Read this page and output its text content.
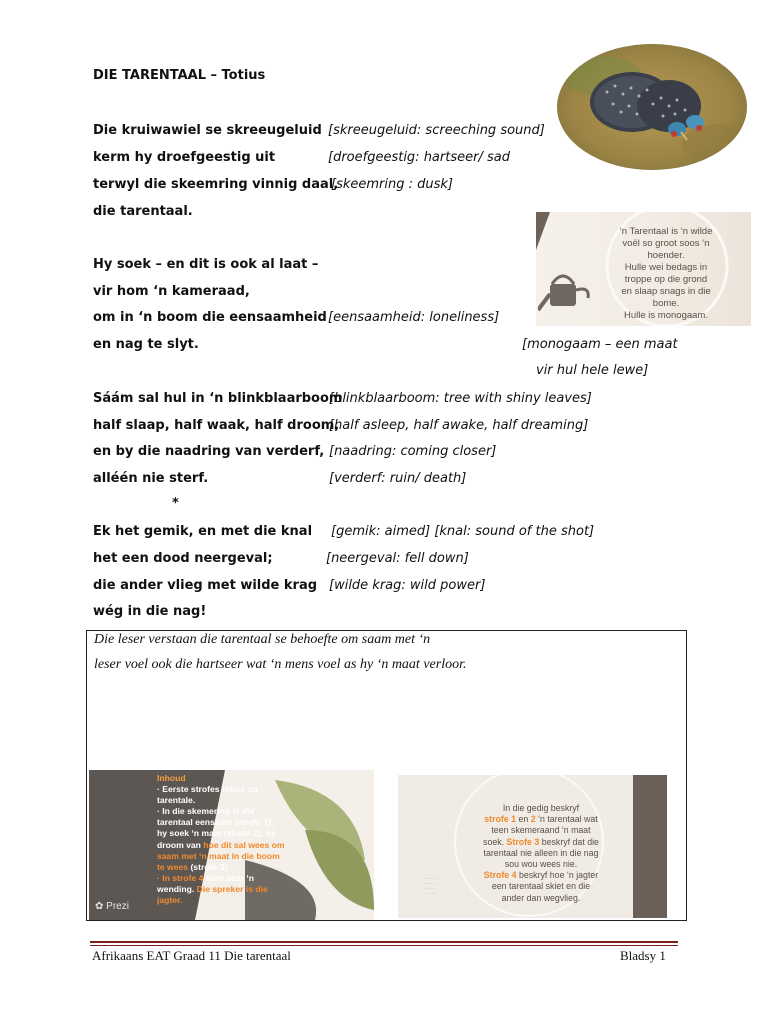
DIE TARENTAAL – Totius
Die kruiwawiel se skreeugeluid
kerm hy droefgeestig uit
terwyl die skeemring vinnig daal,
die tarentaal.
[skreeugeluid: screeching sound]
[droefgeestig: hartseer/ sad
[skeemring : dusk]
‘n Tarentaal is ‘n wilde
voël so groot soos ‘n
hoender.
Hulle wei bedags in
troppe op die grond
en slaap snags in die
bome.
Hulle is monogaam.
Hy soek – en dit is ook al laat –
vir hom ‘n kameraad,
om in ‘n boom die eensaamheid
en nag te slyt.
[eensaamheid: loneliness]
[monogaam – een maat
vir hul hele lewe]
Sáám sal hul in ‘n blinkblaarboom
half slaap, half waak, half droom,
en by die naadring van verderf,
alléén nie sterf.
[blinkblaarboom: tree with shiny leaves]
[half asleep, half awake, half dreaming]
[naadring: coming closer]
[verderf: ruin/ death]
*
Ek het gemik, en met die knal
het een dood neergeval;
die ander vlieg met wilde krag
wég in die nag!
[gemik: aimed] [knal: sound of the shot]
[neergeval: fell down]
[wilde krag: wild power]
Die leser verstaan die tarentaal se behoefte om saam met ‘n
leser voel ook die hartseer wat ‘n mens voel as hy ‘n maat verloor.
Inhoud
· Eerste strofes fokus op
tarentale.
· In die skemering is die
tarentaal eensaam (strofe 1);
hy soek ‘n maat (strofe 2); hy
droom van hoe dit sal wees om
saam met ‘n maat in die boom
te wees (strofe 3).
· In strofe 4 kom daar ‘n
wending. Die spreker is die
jagter.
✿ Prezi
· · · · · · ·
· · · · · ·
· · · · ·
· · · · · ·
In die gedig beskryf
strofe 1 en 2 ‘n tarentaal wat
teen skemeraand ‘n maat
soek. Strofe 3 beskryf dat die
tarentaal nie alleen in die nag
sou wou wees nie.
Strofe 4 beskryf hoe ‘n jagter
een tarentaal skiet en die
ander dan wegvlieg.
Afrikaans EAT Graad 11 Die tarentaal	Bladsy 1
